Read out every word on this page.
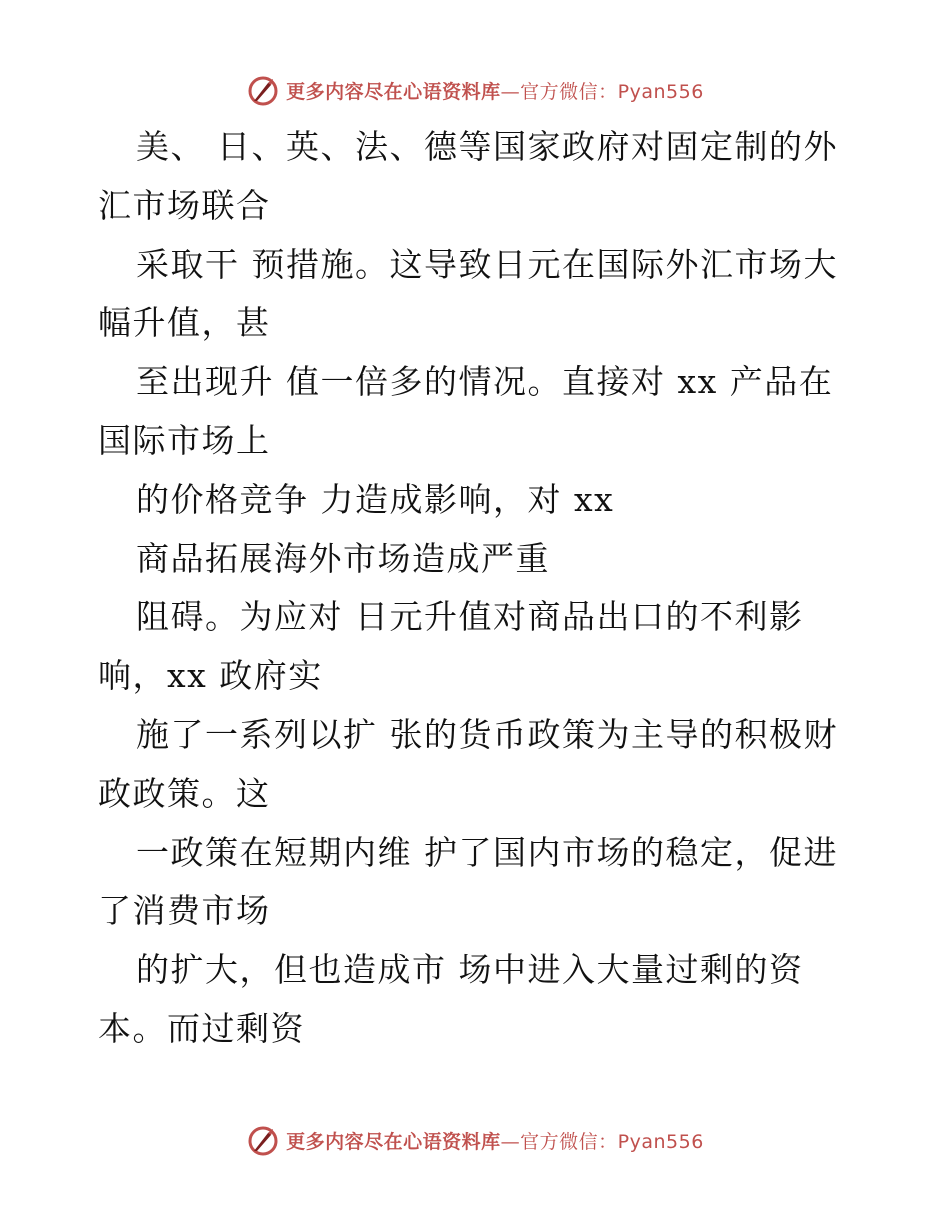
更多内容尽在心语资料库—官方微信：Pyan556
美、 日、英、法、德等国家政府对固定制的外
汇市场联合
采取干 预措施。这导致日元在国际外汇市场大
幅升值，甚
至出现升 值一倍多的情况。直接对 xx 产品在
国际市场上
的价格竞争 力造成影响，对 xx
商品拓展海外市场造成严重
阻碍。为应对 日元升值对商品出口的不利影
响，xx 政府实
施了一系列以扩 张的货币政策为主导的积极财
政政策。这
一政策在短期内维 护了国内市场的稳定，促进
了消费市场
的扩大，但也造成市 场中进入大量过剩的资
本。而过剩资
更多内容尽在心语资料库—官方微信：Pyan556
